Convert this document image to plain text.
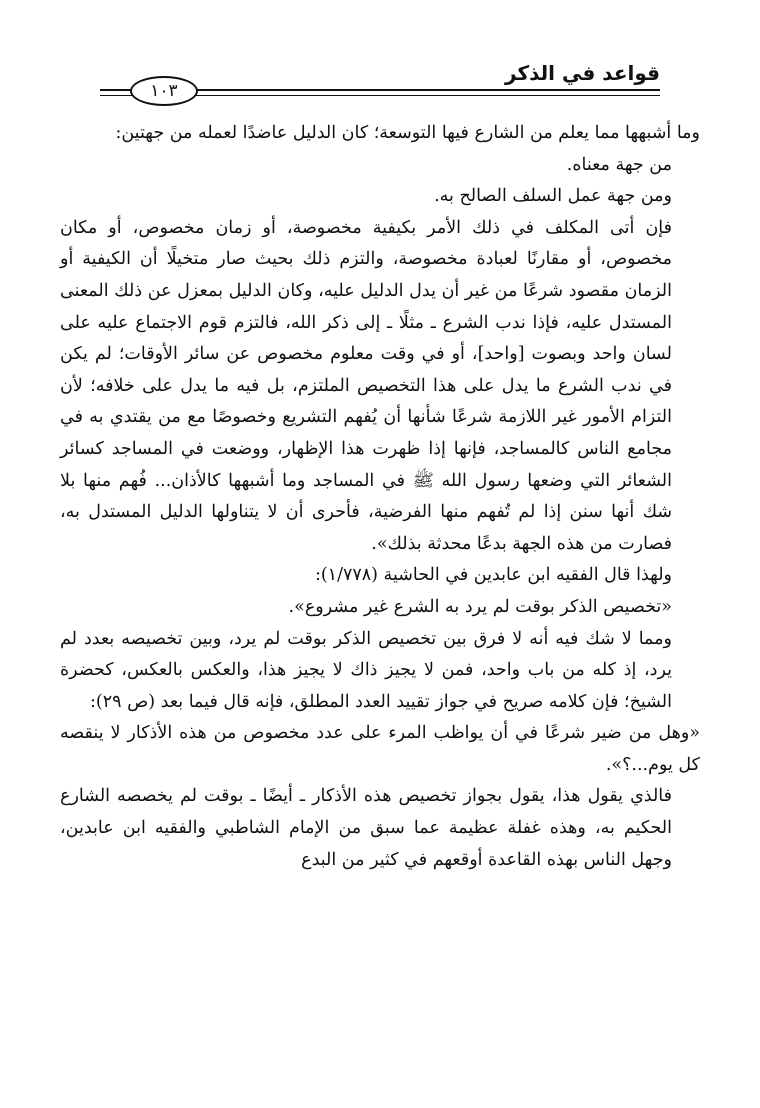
قواعد في الذكر
١٠٣

وما أشبهها مما يعلم من الشارع فيها التوسعة؛ كان الدليل عاضدًا لعمله من جهتين:

من جهة معناه.

ومن جهة عمل السلف الصالح به.

فإن أتى المكلف في ذلك الأمر بكيفية مخصوصة، أو زمان مخصوص، أو مكان مخصوص، أو مقارنًا لعبادة مخصوصة، والتزم ذلك بحيث صار متخيلًا أن الكيفية أو الزمان مقصود شرعًا من غير أن يدل الدليل عليه، وكان الدليل بمعزل عن ذلك المعنى المستدل عليه، فإذا ندب الشرع ـ مثلًا ـ إلى ذكر الله، فالتزم قوم الاجتماع عليه على لسان واحد وبصوت [واحد]، أو في وقت معلوم مخصوص عن سائر الأوقات؛ لم يكن في ندب الشرع ما يدل على هذا التخصيص الملتزم، بل فيه ما يدل على خلافه؛ لأن التزام الأمور غير اللازمة شرعًا شأنها أن يُفهم التشريع وخصوصًا مع من يقتدي به في مجامع الناس كالمساجد، فإنها إذا ظهرت هذا الإظهار، ووضعت في المساجد كسائر الشعائر التي وضعها رسول الله ﷺ في المساجد وما أشبهها كالأذان... فُهم منها بلا شك أنها سنن إذا لم تُفهم منها الفرضية، فأحرى أن لا يتناولها الدليل المستدل به، فصارت من هذه الجهة بدعًا محدثة بذلك».

ولهذا قال الفقيه ابن عابدين في الحاشية (١/٧٧٨):

«تخصيص الذكر بوقت لم يرد به الشرع غير مشروع».

ومما لا شك فيه أنه لا فرق بين تخصيص الذكر بوقت لم يرد، وبين تخصيصه بعدد لم يرد، إذ كله من باب واحد، فمن لا يجيز ذاك لا يجيز هذا، والعكس بالعكس، كحضرة الشيخ؛ فإن كلامه صريح في جواز تقييد العدد المطلق، فإنه قال فيما بعد (ص ٢٩):

«وهل من ضير شرعًا في أن يواظب المرء على عدد مخصوص من هذه الأذكار لا ينقصه كل يوم...؟».

فالذي يقول هذا، يقول بجواز تخصيص هذه الأذكار ـ أيضًا ـ بوقت لم يخصصه الشارع الحكيم به، وهذه غفلة عظيمة عما سبق من الإمام الشاطبي والفقيه ابن عابدين، وجهل الناس بهذه القاعدة أوقعهم في كثير من البدع
